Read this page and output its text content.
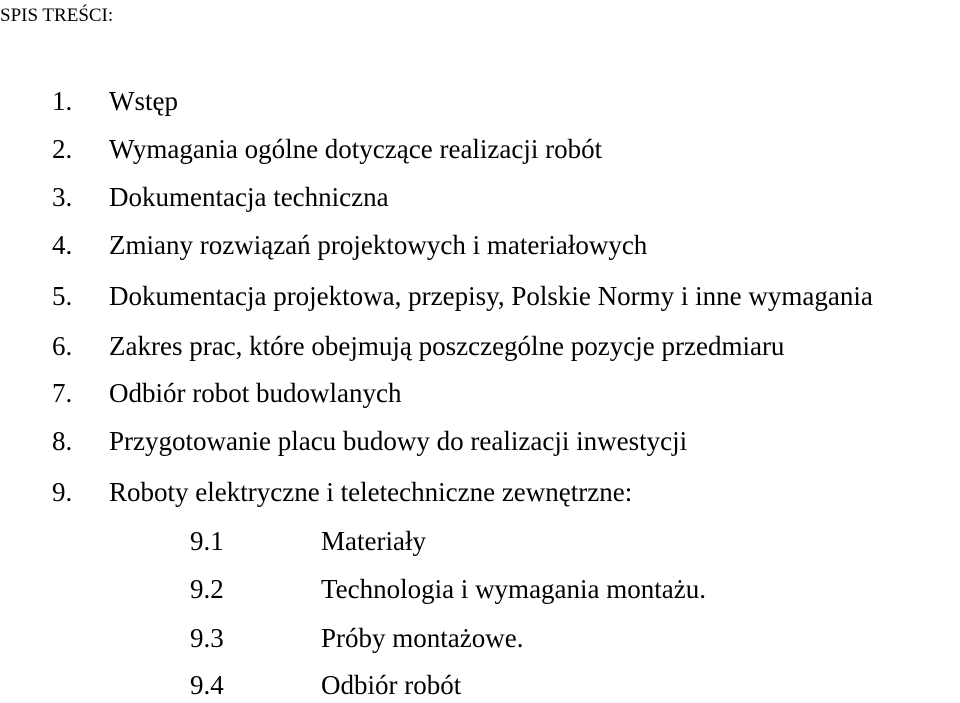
SPIS TREŚCI:
1. Wstęp
2. Wymagania ogólne dotyczące realizacji robót
3. Dokumentacja techniczna
4. Zmiany rozwiązań projektowych i materiałowych
5. Dokumentacja projektowa, przepisy, Polskie Normy i inne wymagania
6. Zakres prac, które obejmują poszczególne pozycje przedmiaru
7. Odbiór robot budowlanych
8. Przygotowanie placu budowy do realizacji inwestycji
9. Roboty elektryczne i teletechniczne zewnętrzne:
9.1	Materiały
9.2	Technologia i wymagania montażu.
9.3	Próby montażowe.
9.4	Odbiór robót
